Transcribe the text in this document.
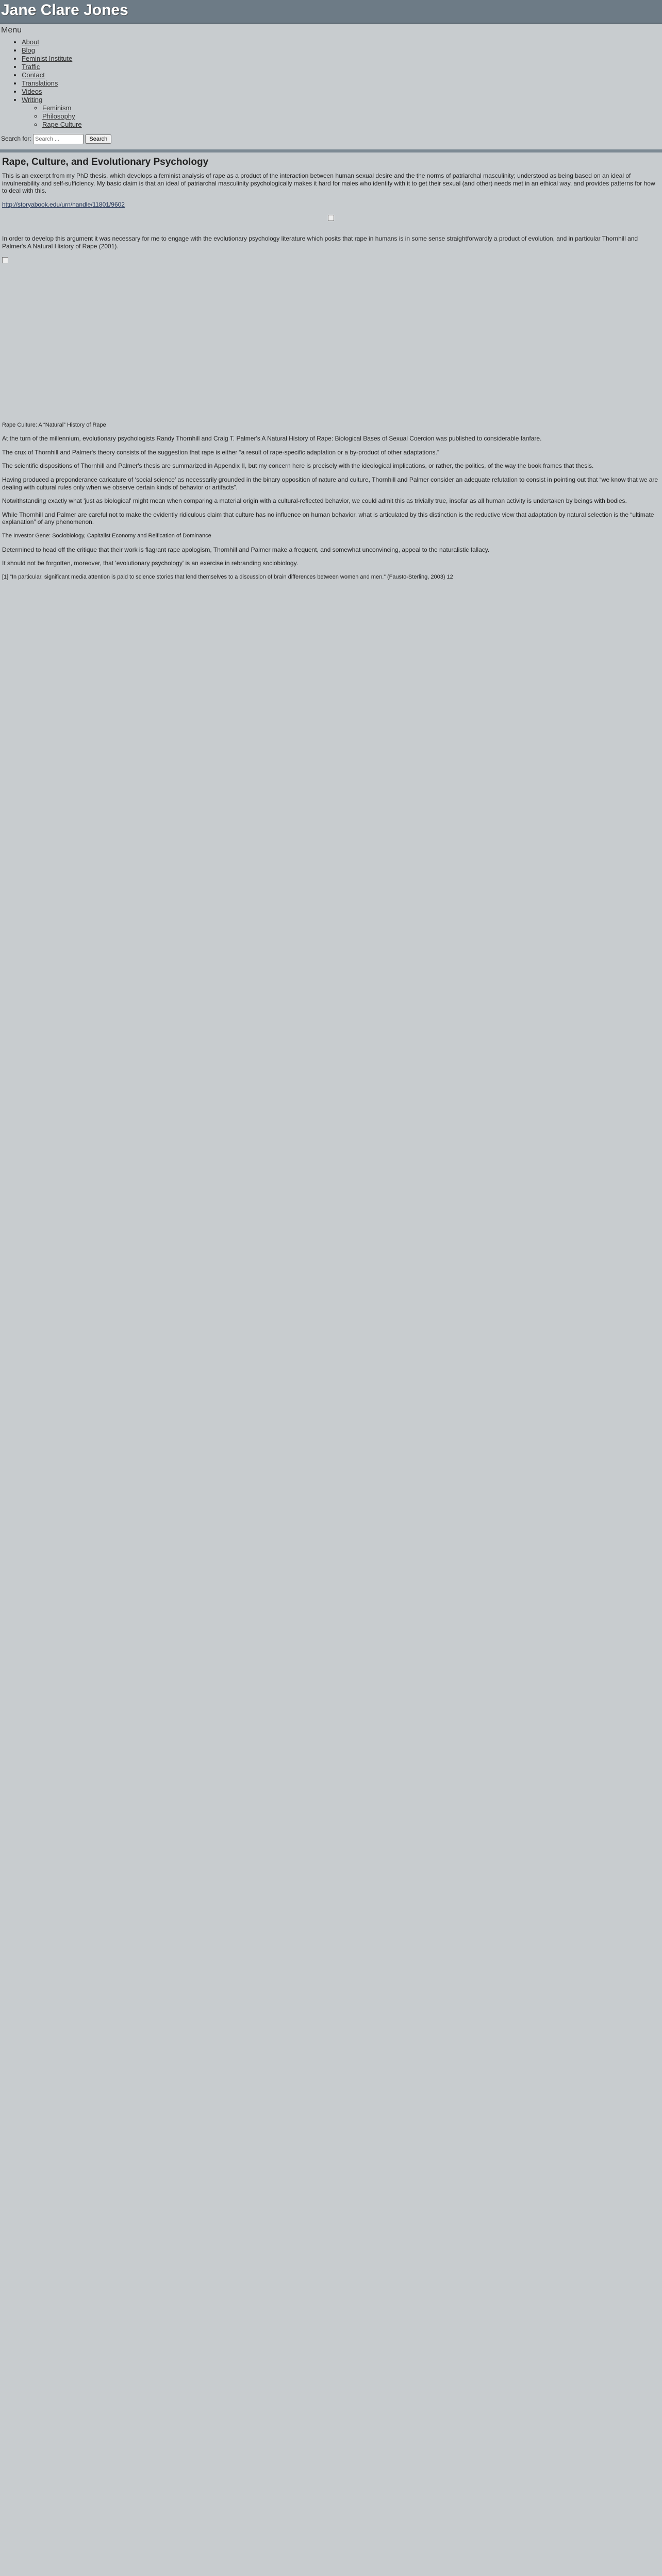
Jane Clare Jones
Menu
• About
• Blog
• Feminist Institute
• Traffic
• Contact
• Translations
• Videos
• Writing
◦ Feminism
◦ Philosophy
◦ Rape Culture
Search for: Search ...	Search
Rape, Culture, and Evolutionary Psychology

This is an excerpt from my PhD thesis, which develops a feminist analysis of rape as a product of the interaction between human sexual desire and the the norms of patriarchal masculinity; understood as being based on an ideal of invulnerability and self-sufficiency. My basic claim is that an ideal of patriarchal masculinity psychologically makes it hard for males who identify with it to get their sexual (and other) needs met in an ethical way, and provides patterns for how to deal with this.

http://storyabook.edu/urn/handle/11801/9602

In order to develop this argument it was necessary for me to engage with the evolutionary psychology literature which posits that rape in humans is in some sense straightforwardly a product of evolution, and in particular Thornhill and Palmer's A Natural History of Rape (2001).

Rape Culture: A “Natural” History of Rape

At the turn of the millennium, evolutionary psychologists Randy Thornhill and Craig T. Palmer's A Natural History of Rape: Biological Bases of Sexual Coercion was published to considerable fanfare.

The crux of Thornhill and Palmer's theory consists of the suggestion that rape is either “a result of rape-specific adaptation or a by-product of other adaptations.”

The scientific dispositions of Thornhill and Palmer's thesis are summarized in Appendix II, but my concern here is precisely with the ideological implications, or rather, the politics, of the way the book frames that thesis.

Having produced a preponderance caricature of ‘social science’ as necessarily grounded in the binary opposition of nature and culture, Thornhill and Palmer consider an adequate refutation to consist in pointing out that “we know that we are dealing with cultural rules only when we observe certain kinds of behavior or artifacts”.

Notwithstanding exactly what 'just as biological' might mean when comparing a material origin with a cultural-reflected behavior, we could admit this as trivially true, insofar as all human activity is undertaken by beings with bodies.

While Thornhill and Palmer are careful not to make the evidently ridiculous claim that culture has no influence on human behavior, what is articulated by this distinction is the reductive view that adaptation by natural selection is the “ultimate explanation” of any phenomenon.

The Investor Gene: Sociobiology, Capitalist Economy and Reification of Dominance

Determined to head off the critique that their work is flagrant rape apologism, Thornhill and Palmer make a frequent, and somewhat unconvincing, appeal to the naturalistic fallacy.

It should not be forgotten, moreover, that 'evolutionary psychology' is an exercise in rebranding sociobiology.

[1] “In particular, significant media attention is paid to science stories that lend themselves to a discussion of brain differences between women and men.” (Fausto-Sterling, 2003) 12
